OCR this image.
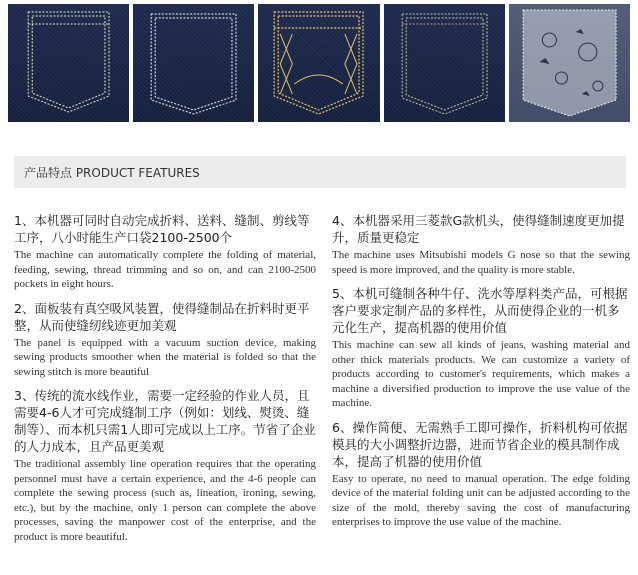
产品特点 PRODUCT FEATURES
1、本机器可同时自动完成折料、送料、缝制、剪线等工序，八小时能生产口袋2100-2500个
The machine can automatically complete the folding of material, feeding, sewing, thread trimming and so on, and can 2100-2500 pockets in eight hours.
2、面板装有真空吸风装置，使得缝制品在折料时更平整，从而使缝纫线迹更加美观
The panel is equipped with a vacuum suction device, making sewing products smoother when the material is folded so that the sewing stitch is more beautiful
3、传统的流水线作业，需要一定经验的作业人员，且需要4-6人才可完成缝制工序（例如：划线、熨烫、缝制等）、而本机只需1人即可完成以上工序。节省了企业的人力成本，且产品更美观
The traditional assembly line operation requires that the operating personnel must have a certain experience, and the 4-6 people can complete the sewing process (such as, lineation, ironing, sewing, etc.), but by the machine, only 1 person can complete the above processes, saving the manpower cost of the enterprise, and the product is more beautiful.
4、本机器采用三菱款G款机头，使得缝制速度更加提升，质量更稳定
The machine uses Mitsubishi models G nose so that the sewing speed is more improved, and the quality is more stable.
5、本机可缝制各种牛仔、洗水等厚料类产品，可根据客户要求定制产品的多样性，从而使得企业的一机多元化生产，提高机器的使用价值
This machine can sew all kinds of jeans, washing material and other thick materials products. We can customize a variety of products according to customer's requirements, which makes a machine a diversified production to improve the use value of the machine.
6、操作简便、无需熟手工即可操作，折料机构可依据模具的大小调整折边器，进而节省企业的模具制作成本，提高了机器的使用价值
Easy to operate, no need to manual operation. The edge folding device of the material folding unit can be adjusted according to the size of the mold, thereby saving the cost of manufacturing enterprises to improve the use value of the machine.
